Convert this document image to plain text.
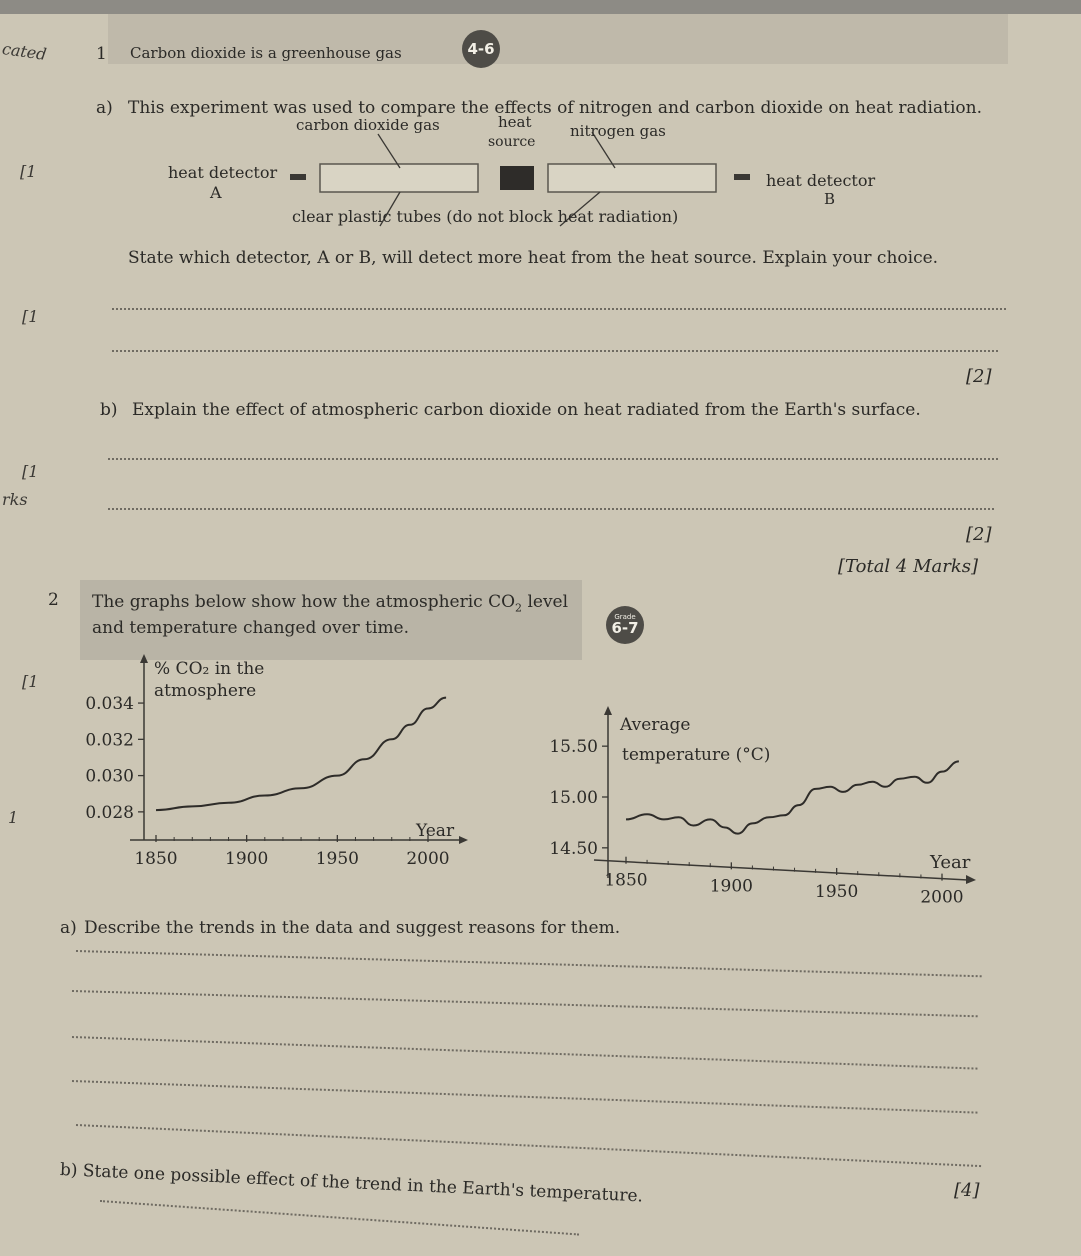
cated
[1
[1
[1
[1
rks
1
1 Carbon dioxide is a greenhouse gas	4-6
a) This experiment was used to compare the effects of nitrogen and carbon dioxide on heat radiation.
carbon dioxide gas	heat
source
nitrogen gas
heat detector
A
heat detector
B
clear plastic tubes (do not block heat radiation)
State which detector, A or B, will detect more heat from the heat source. Explain your choice.
[2]
b) Explain the effect of atmospheric carbon dioxide on heat radiated from the Earth's surface.
[2]
[Total 4 Marks]
2 The graphs below show how the atmospheric $CO_2$ level
and temperature changed over time.
Grade
6-7
% CO₂ in the
atmosphere
Year
0.034
0.032
0.030
0.028
1850	1900	1950	2000
Average
temperature (°C)
Year
15.50
15.00
14.50
1850	1900	1950	2000
a) Describe the trends in the data and suggest reasons for them.
b) State one possible effect of the trend in the Earth's temperature.	[4]
